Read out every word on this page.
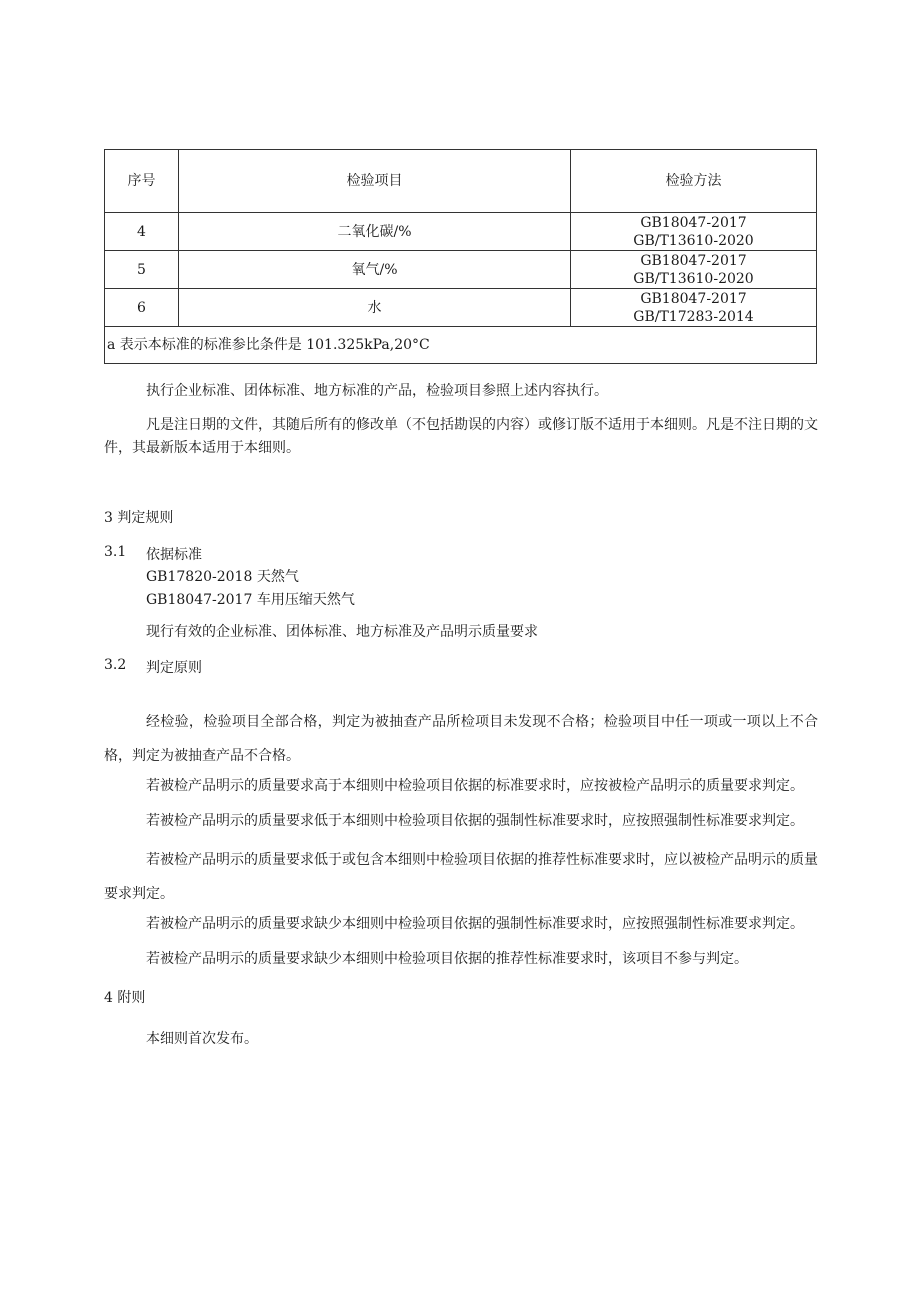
序号	检验项目	检验方法
4	二氧化碳/%	GB18047-2017
GB/T13610-2020

5	氧气/%	GB18047-2017
GB/T13610-2020

6	水	GB18047-2017
GB/T17283-2014

a 表示本标准的标准参比条件是 101.325kPa,20°C		

执行企业标准、团体标准、地方标准的产品，检验项目参照上述内容执行。

凡是注日期的文件，其随后所有的修改单（不包括勘误的内容）或修订版不适用于本细则。凡是不注日期的文件，其最新版本适用于本细则。

3 判定规则

3.1 依据标准

GB17820-2018 天然气

GB18047-2017 车用压缩天然气

现行有效的企业标准、团体标准、地方标准及产品明示质量要求

3.2 判定原则

经检验，检验项目全部合格，判定为被抽查产品所检项目未发现不合格；检验项目中任一项或一项以上不合格，判定为被抽查产品不合格。

若被检产品明示的质量要求高于本细则中检验项目依据的标准要求时，应按被检产品明示的质量要求判定。

若被检产品明示的质量要求低于本细则中检验项目依据的强制性标准要求时，应按照强制性标准要求判定。

若被检产品明示的质量要求低于或包含本细则中检验项目依据的推荐性标准要求时，应以被检产品明示的质量要求判定。

若被检产品明示的质量要求缺少本细则中检验项目依据的强制性标准要求时，应按照强制性标准要求判定。

若被检产品明示的质量要求缺少本细则中检验项目依据的推荐性标准要求时，该项目不参与判定。

4 附则

本细则首次发布。
